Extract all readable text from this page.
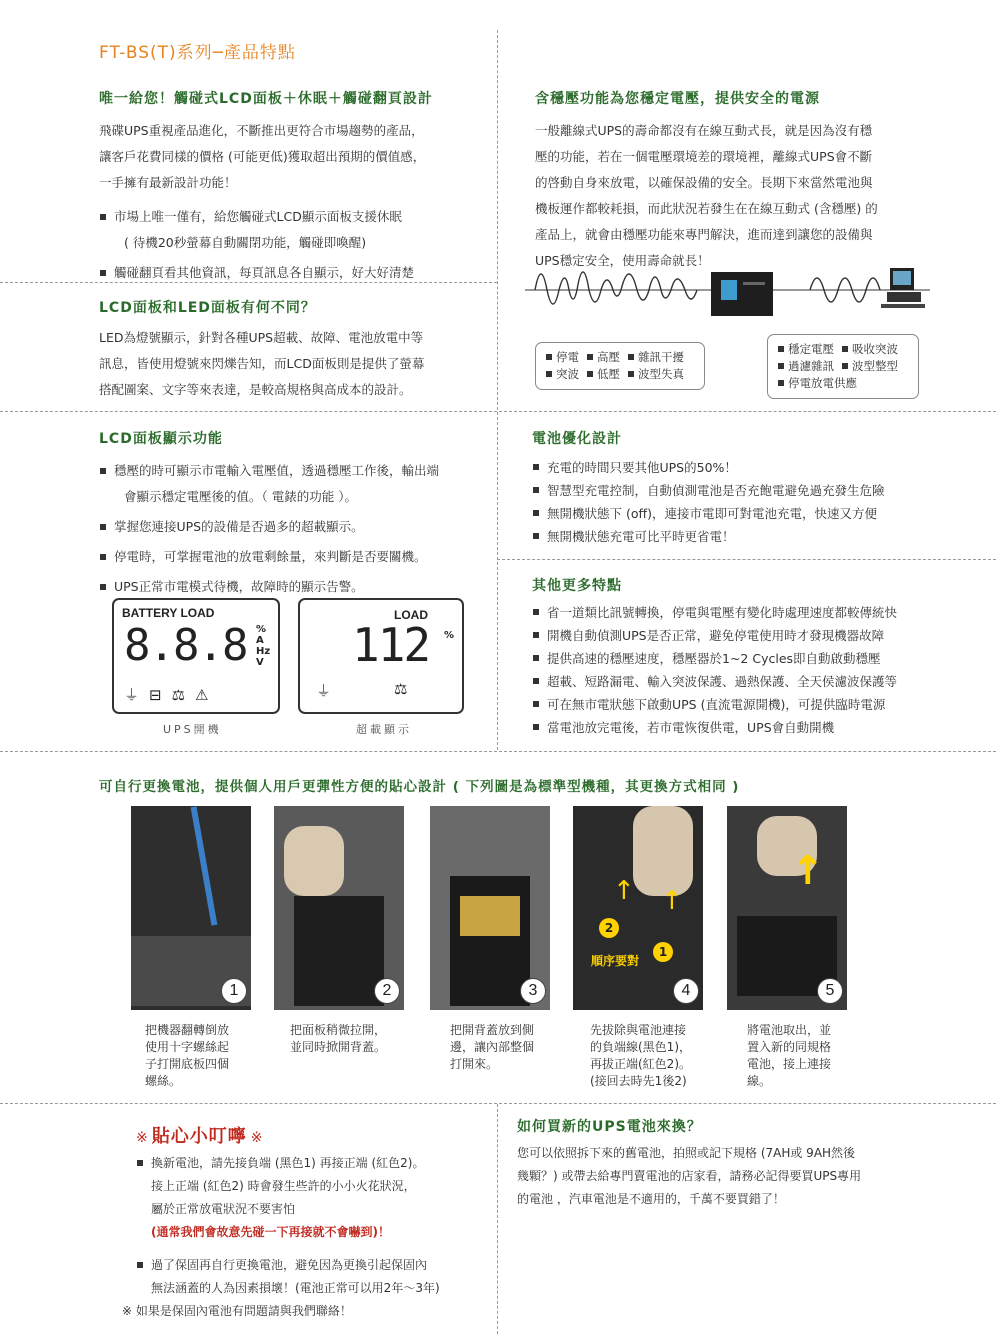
FT-BS(T)系列─產品特點
唯一給您！觸碰式LCD面板＋休眠＋觸碰翻頁設計
飛碟UPS重視產品進化，不斷推出更符合市場趨勢的產品，
讓客戶花費同樣的價格 (可能更低)獲取超出預期的價值感，
一手擁有最新設計功能！
市場上唯一僅有，給您觸碰式LCD顯示面板支援休眠
( 待機20秒螢幕自動關閉功能，觸碰即喚醒)
觸碰翻頁看其他資訊，每頁訊息各自顯示，好大好清楚
含穩壓功能為您穩定電壓，提供安全的電源
一般離線式UPS的壽命都沒有在線互動式長，就是因為沒有穩
壓的功能，若在一個電壓環境差的環境裡，離線式UPS會不斷
的啓動自身來放電，以確保設備的安全。長期下來當然電池與
機板運作都較耗損，而此狀況若發生在在線互動式 (含穩壓) 的
產品上，就會由穩壓功能來專門解決，進而達到讓您的設備與
UPS穩定安全，使用壽命就長！
停電 高壓 雜訊干擾
突波 低壓 波型失真
穩定電壓 吸收突波
過濾雜訊 波型整型
停電放電供應
LCD面板和LED面板有何不同？
LED為燈號顯示，針對各種UPS超載、故障、電池放電中等
訊息，皆使用燈號來閃爍告知，而LCD面板則是提供了螢幕
搭配圖案、文字等來表達，是較高規格與高成本的設計。
LCD面板顯示功能
穩壓的時可顯示市電輸入電壓值，透過穩壓工作後，輸出端
會顯示穩定電壓後的值。（ 電錶的功能 ）。
掌握您連接UPS的設備是否過多的超載顯示。
停電時，可掌握電池的放電剩餘量，來判斷是否要關機。
UPS正常市電模式待機，故障時的顯示告警。
BATTERY LOAD
8.8.8 %
A
Hz
V
⏚⊟⚖⚠
LOAD
112 %
⏚	⚖
UPS開機	超載顯示
電池優化設計
充電的時間只要其他UPS的50%！
智慧型充電控制，自動偵測電池是否充飽電避免過充發生危險
無開機狀態下 (off)，連接市電即可對電池充電，快速又方便
無開機狀態充電可比平時更省電！
其他更多特點
省一道類比訊號轉換，停電與電壓有變化時處理速度都較傳統快
開機自動偵測UPS是否正常，避免停電使用時才發現機器故障
提供高速的穩壓速度，穩壓器於1~2 Cycles即自動啟動穩壓
超載、短路漏電、輸入突波保護、過熱保護、全天侯濾波保護等
可在無市電狀態下啟動UPS (直流電源開機)，可提供臨時電源
當電池放完電後，若市電恢復供電，UPS會自動開機
可自行更換電池，提供個人用戶更彈性方便的貼心設計 ( 下列圖是為標準型機種，其更換方式相同 )
1	2	3
↑ ↑
2
1
順序要對
4
↑
5
把機器翻轉倒放
使用十字螺絲起
子打開底板四個
螺絲。
把面板稍微拉開，
並同時掀開背蓋。
把開背蓋放到側
邊，讓內部整個
打開來。
先拔除與電池連接
的負端線(黑色1)，
再拔正端(紅色2)。
(接回去時先1後2)
將電池取出，並
置入新的同規格
電池，接上連接
線。
※ 貼心小叮嚀 ※
換新電池，請先接負端 (黑色1) 再接正端 (紅色2)。
接上正端 (紅色2) 時會發生些許的小小火花狀況，
屬於正常放電狀況不要害怕
(通常我們會故意先碰一下再接就不會嚇到)！
過了保固再自行更換電池，避免因為更換引起保固內
無法涵蓋的人為因素損壞！(電池正常可以用2年～3年)
※ 如果是保固內電池有問題請與我們聯絡！
如何買新的UPS電池來換？
您可以依照拆下來的舊電池，拍照或記下規格 (7AH或 9AH然後
幾顆？) 或帶去給專門賣電池的店家看，請務必記得要買UPS專用
的電池 ，汽車電池是不適用的，千萬不要買錯了！
